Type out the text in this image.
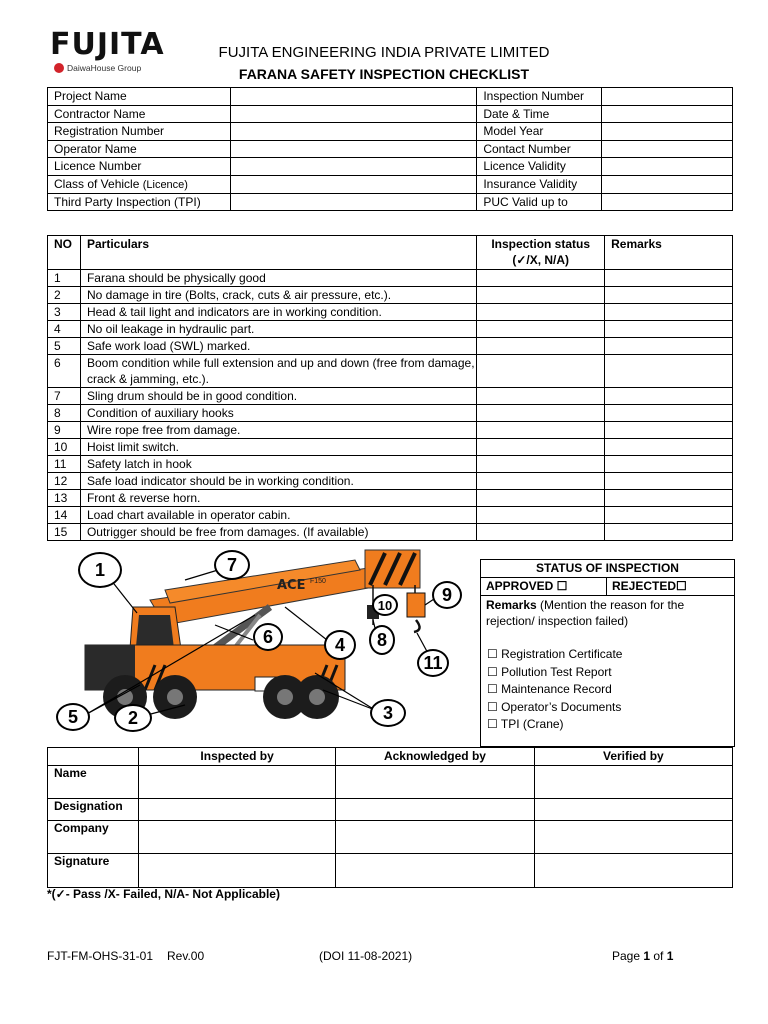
FUJITA
DaiwaHouse Group
FUJITA ENGINEERING INDIA PRIVATE LIMITED
FARANA SAFETY INSPECTION CHECKLIST
Project Name		Inspection Number	
Contractor Name		Date & Time	
Registration Number		Model Year	
Operator Name		Contact Number	
Licence Number		Licence Validity	
Class of Vehicle (Licence)		Insurance Validity	
Third Party Inspection (TPI)		PUC Valid up to	
NO	Particulars	Inspection status
(✓/X, N/A)	Remarks
1	Farana should be physically good		
2	No damage in tire (Bolts, crack, cuts & air pressure, etc.).		
3	Head & tail light and indicators are in working condition.		
4	No oil leakage in hydraulic part.		
5	Safe work load (SWL) marked.		
6	Boom condition while full extension and up and down (free from damage, crack & jamming, etc.).		
7	Sling drum should be in good condition.		
8	Condition of auxiliary hooks		
9	Wire rope free from damage.		
10	Hoist limit switch.		
11	Safety latch in hook		
12	Safe load indicator should be in working condition.		
13	Front & reverse horn.		
14	Load chart available in operator cabin.		
15	Outrigger should be free from damages. (If available)		
ACE F150
1
2	3
4
5
6
7
8
9
10
11
STATUS OF INSPECTION
APPROVED ☐	REJECTED☐
Remarks (Mention the reason for the rejection/ inspection failed)
☐ Registration Certificate
☐ Pollution Test Report
☐ Maintenance Record
☐ Operator’s Documents
☐ TPI (Crane)
	Inspected by	Acknowledged by	Verified by
Name			
Designation			
Company			
Signature			
*(✓- Pass /X- Failed, N/A- Not Applicable)
FJT-FM-OHS-31-01 Rev.00	(DOI 11-08-2021)	Page 1 of 1
